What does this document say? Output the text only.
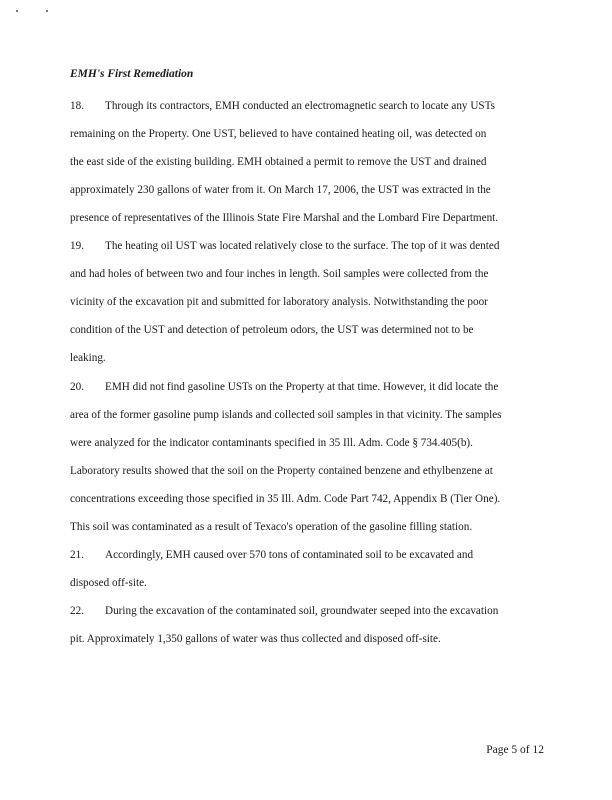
EMH's First Remediation
18. Through its contractors, EMH conducted an electromagnetic search to locate any USTs
remaining on the Property. One UST, believed to have contained heating oil, was detected on
the east side of the existing building. EMH obtained a permit to remove the UST and drained
approximately 230 gallons of water from it. On March 17, 2006, the UST was extracted in the
presence of representatives of the Illinois State Fire Marshal and the Lombard Fire Department.
19. The heating oil UST was located relatively close to the surface. The top of it was dented
and had holes of between two and four inches in length. Soil samples were collected from the
vicinity of the excavation pit and submitted for laboratory analysis. Notwithstanding the poor
condition of the UST and detection of petroleum odors, the UST was determined not to be
leaking.
20. EMH did not find gasoline USTs on the Property at that time. However, it did locate the
area of the former gasoline pump islands and collected soil samples in that vicinity. The samples
were analyzed for the indicator contaminants specified in 35 Ill. Adm. Code § 734.405(b).
Laboratory results showed that the soil on the Property contained benzene and ethylbenzene at
concentrations exceeding those specified in 35 Ill. Adm. Code Part 742, Appendix B (Tier One).
This soil was contaminated as a result of Texaco's operation of the gasoline filling station.
21. Accordingly, EMH caused over 570 tons of contaminated soil to be excavated and
disposed off-site.
22. During the excavation of the contaminated soil, groundwater seeped into the excavation
pit. Approximately 1,350 gallons of water was thus collected and disposed off-site.
Page 5 of 12
